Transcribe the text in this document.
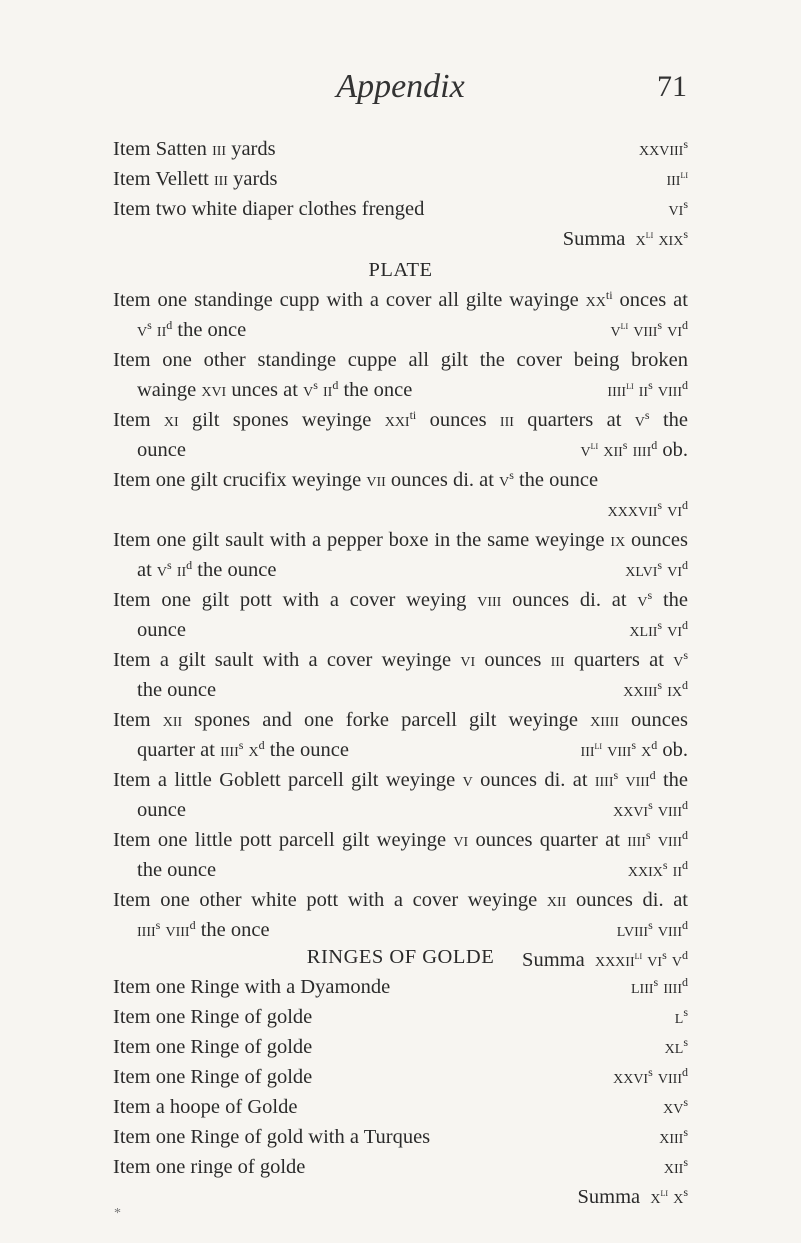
Appendix	71
Item Satten iii yards	xxviii$^s$
Item Vellett iii yards	iii$^{li}$
Item two white diaper clothes frenged	$vi^s$
Summa  $x^{li}$ xix$^s$
PLATE
Item one standinge cupp with a cover all gilte wayinge $xx^{ti}$ onces at
$v^s$ $ii^d$ the once	$v^{li}$ viii$^s$ $vi^d$
Item one other standinge cuppe all gilt the cover being broken
wainge xvi unces at $v^s$ $ii^d$ the once	iiii$^{li}$ $ii^s$ viii$^d$
Item xi gilt spones weyinge xxi$^{ti}$ ounces iii quarters at $v^s$ the
ounce	$v^{li}$ xii$^s$ iiii$^d$ ob.
Item one gilt crucifix weyinge vii ounces di. at $v^s$ the ounce
xxxvii$^s$ $vi^d$
Item one gilt sault with a pepper boxe in the same weyinge ix ounces
at $v^s$ $ii^d$ the ounce	xlvi$^s$ $vi^d$
Item one gilt pott with a cover weying viii ounces di. at $v^s$ the
ounce	xlii$^s$ $vi^d$
Item a gilt sault with a cover weyinge vi ounces iii quarters at $v^s$
the ounce	xxiii$^s$ $ix^d$
Item xii spones and one forke parcell gilt weyinge xiiii ounces
quarter at iiii$^s$ $x^d$ the ounce	iii$^{li}$ viii$^s$ $x^d$ ob.
Item a little Goblett parcell gilt weyinge v ounces di. at iiii$^s$ viii$^d$ the
ounce	xxvi$^s$ viii$^d$
Item one little pott parcell gilt weyinge vi ounces quarter at iiii$^s$ viii$^d$
the ounce	xxix$^s$ $ii^d$
Item one other white pott with a cover weyinge xii ounces di. at
iiii$^s$ viii$^d$ the once	lviii$^s$ viii$^d$
Summa  xxxii$^{li}$ $vi^s$ $v^d$
RINGES OF GOLDE
Item one Ringe with a Dyamonde	liii$^s$ iiii$^d$
Item one Ringe of golde	$l^s$
Item one Ringe of golde	$xl^s$
Item one Ringe of golde	xxvi$^s$ viii$^d$
Item a hoope of Golde	$xv^s$
Item one Ringe of gold with a Turques	xiii$^s$
Item one ringe of golde	xii$^s$
Summa  $x^{li}$ $x^s$
*
